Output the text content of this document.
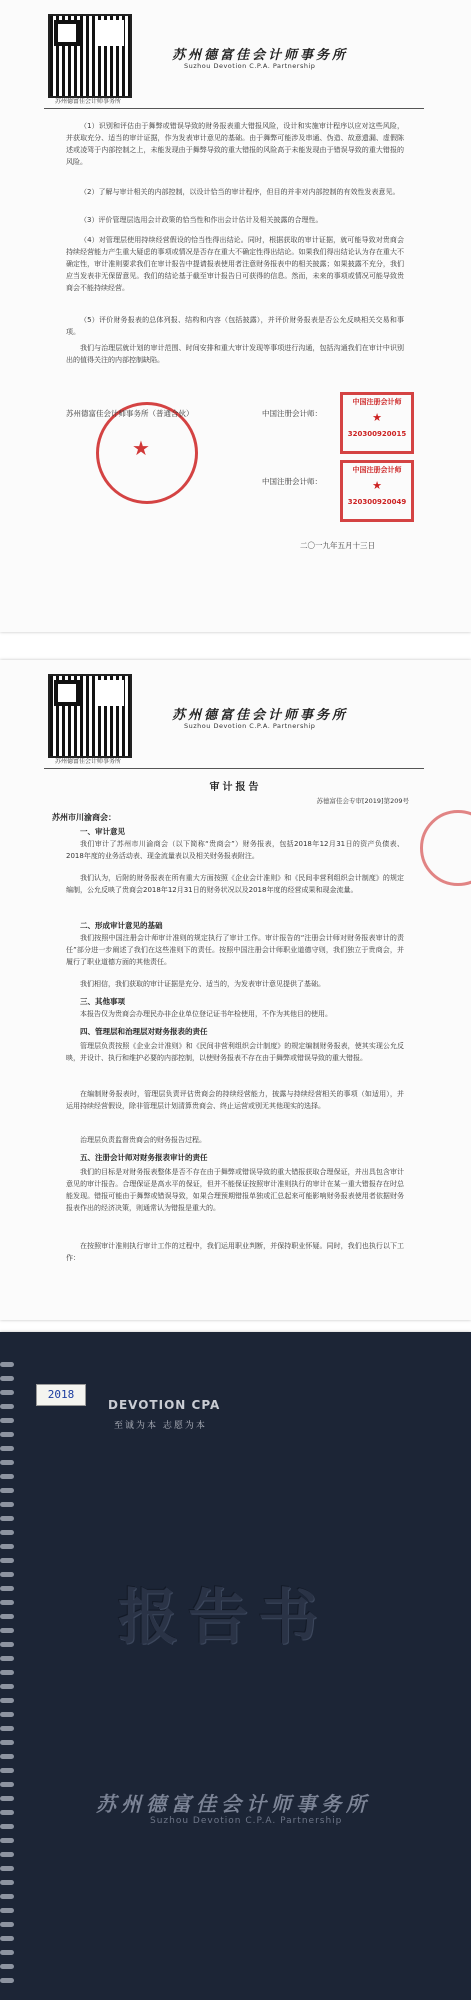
苏州德富佳会计师事务所
苏州德富佳会计师事务所
Suzhou Devotion C.P.A. Partnership
（1）识别和评估由于舞弊或错误导致的财务报表重大错报风险，设计和实施审计程序以应对这些风险，并获取充分、适当的审计证据，作为发表审计意见的基础。由于舞弊可能涉及串通、伪造、故意遗漏、虚假陈述或凌驾于内部控制之上，未能发现由于舞弊导致的重大错报的风险高于未能发现由于错误导致的重大错报的风险。
（2）了解与审计相关的内部控制，以设计恰当的审计程序，但目的并非对内部控制的有效性发表意见。
（3）评价管理层选用会计政策的恰当性和作出会计估计及相关披露的合理性。
（4）对管理层使用持续经营假设的恰当性得出结论。同时，根据获取的审计证据，就可能导致对贵商会持续经营能力产生重大疑虑的事项或情况是否存在重大不确定性得出结论。如果我们得出结论认为存在重大不确定性，审计准则要求我们在审计报告中提请报表使用者注意财务报表中的相关披露；如果披露不充分，我们应当发表非无保留意见。我们的结论基于截至审计报告日可获得的信息。然而，未来的事项或情况可能导致贵商会不能持续经营。
（5）评价财务报表的总体列报、结构和内容（包括披露），并评价财务报表是否公允反映相关交易和事项。
我们与治理层就计划的审计范围、时间安排和重大审计发现等事项进行沟通，包括沟通我们在审计中识别出的值得关注的内部控制缺陷。
★
苏州德富佳会计师事务所（普通合伙）	中国注册会计师：
中国注册会计师
★
320300920015
中国注册会计师：
中国注册会计师
★
320300920049
二〇一九年五月十三日
苏州德富佳会计师事务所
苏州德富佳会计师事务所
Suzhou Devotion C.P.A. Partnership
审计报告
苏德富佳会专审[2019]第209号
苏州市川渝商会：
一、审计意见
我们审计了苏州市川渝商会（以下简称“贵商会”）财务报表，包括2018年12月31日的资产负债表、2018年度的业务活动表、现金流量表以及相关财务报表附注。
我们认为，后附的财务报表在所有重大方面按照《企业会计准则》和《民间非营利组织会计制度》的规定编制，公允反映了贵商会2018年12月31日的财务状况以及2018年度的经营成果和现金流量。
二、形成审计意见的基础
我们按照中国注册会计师审计准则的规定执行了审计工作。审计报告的“注册会计师对财务报表审计的责任”部分进一步阐述了我们在这些准则下的责任。按照中国注册会计师职业道德守则，我们独立于贵商会，并履行了职业道德方面的其他责任。
我们相信，我们获取的审计证据是充分、适当的，为发表审计意见提供了基础。
三、其他事项
本报告仅为贵商会办理民办非企业单位登记证书年检使用，不作为其他目的使用。
四、管理层和治理层对财务报表的责任
管理层负责按照《企业会计准则》和《民间非营利组织会计制度》的规定编制财务报表，使其实现公允反映，并设计、执行和维护必要的内部控制，以使财务报表不存在由于舞弊或错误导致的重大错报。
在编制财务报表时，管理层负责评估贵商会的持续经营能力，披露与持续经营相关的事项（如适用），并运用持续经营假设，除非管理层计划清算贵商会、终止运营或别无其他现实的选择。
治理层负责监督贵商会的财务报告过程。
五、注册会计师对财务报表审计的责任
我们的目标是对财务报表整体是否不存在由于舞弊或错误导致的重大错报获取合理保证，并出具包含审计意见的审计报告。合理保证是高水平的保证，但并不能保证按照审计准则执行的审计在某一重大错报存在时总能发现。错报可能由于舞弊或错误导致，如果合理预期错报单独或汇总起来可能影响财务报表使用者依据财务报表作出的经济决策，则通常认为错报是重大的。
在按照审计准则执行审计工作的过程中，我们运用职业判断，并保持职业怀疑。同时，我们也执行以下工作：
2018
DEVOTION CPA
至诚为本 志愿为本
报告书
苏州德富佳会计师事务所
Suzhou Devotion C.P.A. Partnership
